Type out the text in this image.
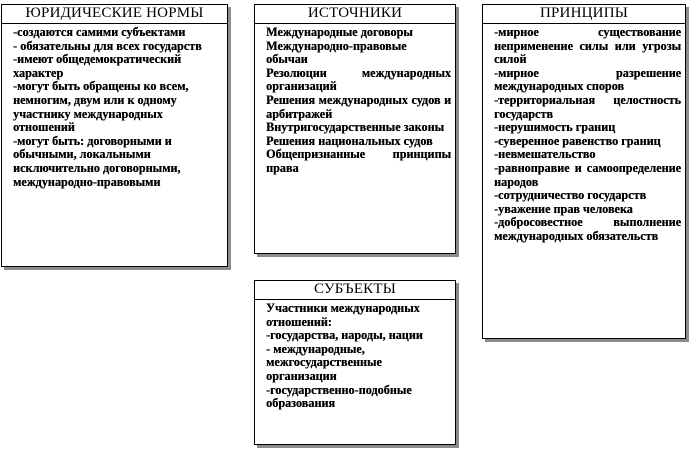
ЮРИДИЧЕСКИЕ НОРМЫ

-создаются самими субъектами

- обязательны для всех государств

-имеют общедемократический характер

-могут быть обращены ко всем, немногим, двум или к одному участнику международных отношений

-могут быть: договорными и обычными, локальными исключительно договорными, международно-правовыми

ИСТОЧНИКИ

Международные договоры

Международно-правовые обычаи

Резолюции международных организаций

Решения международных судов и арбитражей

Внутригосударственные законы

Решения национальных судов

Общепризнанные принципы права

ПРИНЦИПЫ

-мирное существование неприменение силы или угрозы силой

-мирное разрешение международных споров

-территориальная целостность государств

-нерушимость границ

-суверенное равенство границ

-невмешательство

-равноправие и самоопределение народов

-сотрудничество государств

-уважение прав человека

-добросовестное выполнение международных обязательств

СУБЪЕКТЫ

Участники международных отношений:

-государства, народы, нации

- международные, межгосударственные организации

-государственно-подобные образования
